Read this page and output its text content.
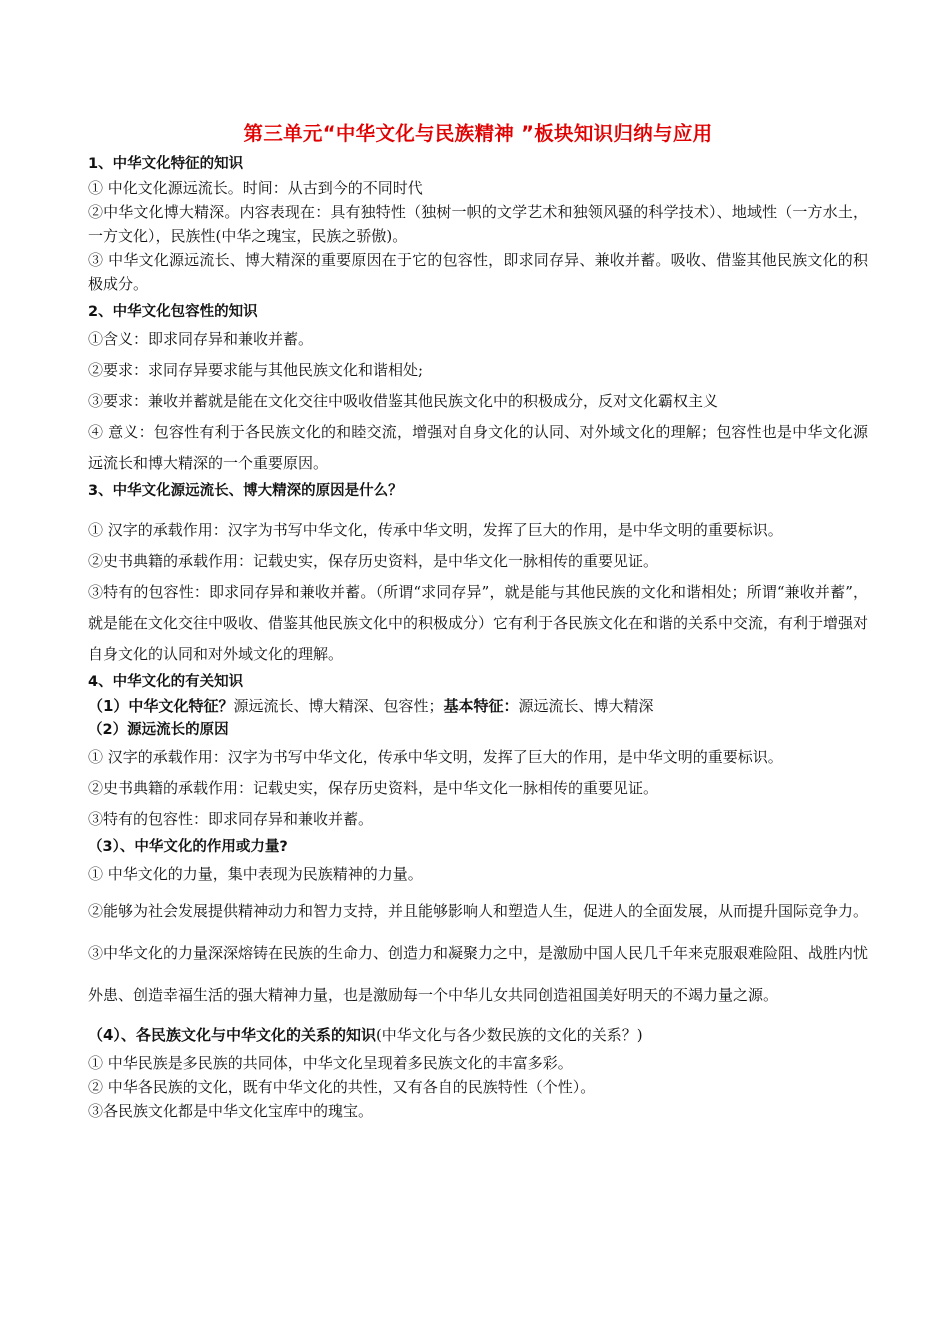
第三单元“中华文化与民族精神 ”板块知识归纳与应用

1、中华文化特征的知识

① 中化文化源远流长。时间：从古到今的不同时代

②中华文化博大精深。内容表现在：具有独特性（独树一帜的文学艺术和独领风骚的科学技术）、地域性（一方水土，一方文化），民族性(中华之瑰宝，民族之骄傲)。

③ 中华文化源远流长、博大精深的重要原因在于它的包容性，即求同存异、兼收并蓄。吸收、借鉴其他民族文化的积极成分。

2、中华文化包容性的知识

①含义：即求同存异和兼收并蓄。

②要求：求同存异要求能与其他民族文化和谐相处;

③要求：兼收并蓄就是能在文化交往中吸收借鉴其他民族文化中的积极成分，反对文化霸权主义

④ 意义：包容性有利于各民族文化的和睦交流，增强对自身文化的认同、对外域文化的理解；包容性也是中华文化源远流长和博大精深的一个重要原因。

3、中华文化源远流长、博大精深的原因是什么？

① 汉字的承载作用：汉字为书写中华文化，传承中华文明，发挥了巨大的作用，是中华文明的重要标识。

②史书典籍的承载作用：记载史实，保存历史资料，是中华文化一脉相传的重要见证。

③特有的包容性：即求同存异和兼收并蓄。（所谓“求同存异”，就是能与其他民族的文化和谐相处；所谓“兼收并蓄”，就是能在文化交往中吸收、借鉴其他民族文化中的积极成分）它有利于各民族文化在和谐的关系中交流，有利于增强对自身文化的认同和对外域文化的理解。

4、中华文化的有关知识

（1）中华文化特征？源远流长、博大精深、包容性；基本特征：源远流长、博大精深

（2）源远流长的原因

① 汉字的承载作用：汉字为书写中华文化，传承中华文明，发挥了巨大的作用，是中华文明的重要标识。

②史书典籍的承载作用：记载史实，保存历史资料，是中华文化一脉相传的重要见证。

③特有的包容性：即求同存异和兼收并蓄。

（3）、中华文化的作用或力量?

① 中华文化的力量，集中表现为民族精神的力量。

②能够为社会发展提供精神动力和智力支持，并且能够影响人和塑造人生，促进人的全面发展，从而提升国际竞争力。

③中华文化的力量深深熔铸在民族的生命力、创造力和凝聚力之中，是激励中国人民几千年来克服艰难险阻、战胜内忧外患、创造幸福生活的强大精神力量，也是激励每一个中华儿女共同创造祖国美好明天的不竭力量之源。

（4）、各民族文化与中华文化的关系的知识(中华文化与各少数民族的文化的关系？)

① 中华民族是多民族的共同体，中华文化呈现着多民族文化的丰富多彩。

② 中华各民族的文化，既有中华文化的共性，又有各自的民族特性（个性）。

③各民族文化都是中华文化宝库中的瑰宝。
